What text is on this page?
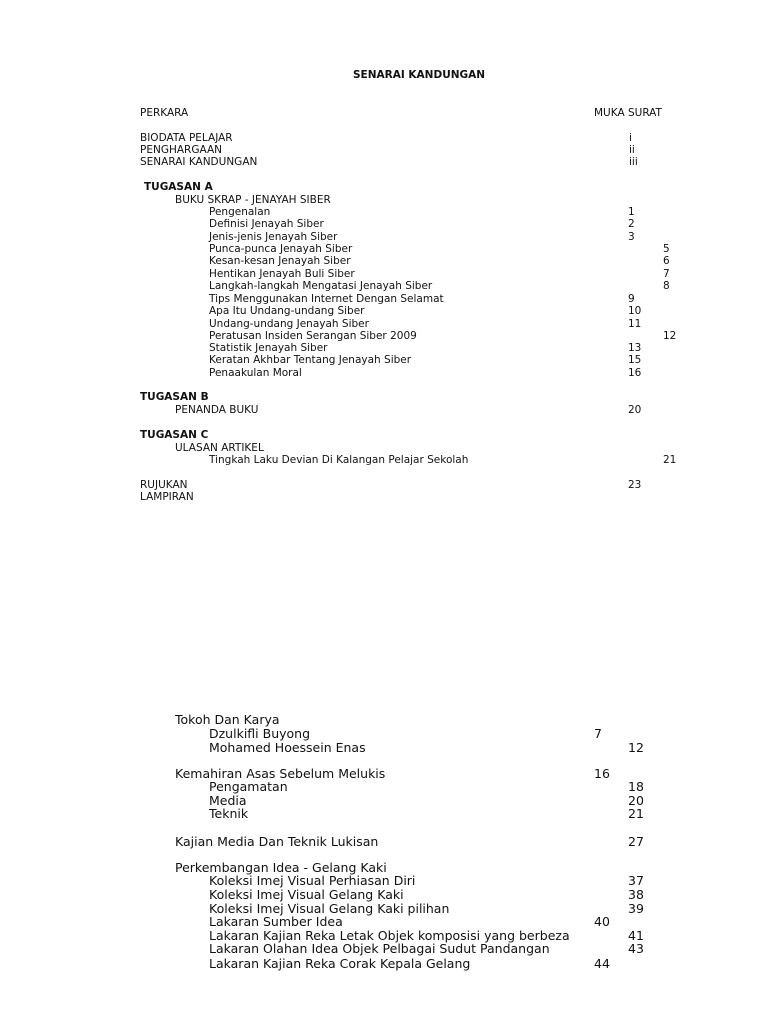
SENARAI KANDUNGAN
PERKARA	MUKA SURAT
BIODATA PELAJAR	i
PENGHARGAAN	ii
SENARAI KANDUNGAN	iii
TUGASAN A
BUKU SKRAP - JENAYAH SIBER
Pengenalan	1
Definisi Jenayah Siber	2
Jenis-jenis Jenayah Siber	3
Punca-punca Jenayah Siber	5
Kesan-kesan Jenayah Siber	6
Hentikan Jenayah Buli Siber	7
Langkah-langkah Mengatasi Jenayah Siber	8
Tips Menggunakan Internet Dengan Selamat	9
Apa Itu Undang-undang Siber	10
Undang-undang Jenayah Siber	11
Peratusan Insiden Serangan Siber 2009	12
Statistik Jenayah Siber	13
Keratan Akhbar Tentang Jenayah Siber	15
Penaakulan Moral	16
TUGASAN B
PENANDA BUKU	20
TUGASAN C
ULASAN ARTIKEL
Tingkah Laku Devian Di Kalangan Pelajar Sekolah	21
RUJUKAN	23
LAMPIRAN
Tokoh Dan Karya
Dzulkifli Buyong	7
Mohamed Hoessein Enas	12
Kemahiran Asas Sebelum Melukis	16
Pengamatan	18
Media	20
Teknik	21
Kajian Media Dan Teknik Lukisan	27
Perkembangan Idea - Gelang Kaki
Koleksi Imej Visual Perhiasan Diri	37
Koleksi Imej Visual Gelang Kaki	38
Koleksi Imej Visual Gelang Kaki pilihan	39
Lakaran Sumber Idea	40
Lakaran Kajian Reka Letak Objek komposisi yang berbeza	41
Lakaran Olahan Idea Objek Pelbagai Sudut Pandangan	43
Lakaran Kajian Reka Corak Kepala Gelang	44
